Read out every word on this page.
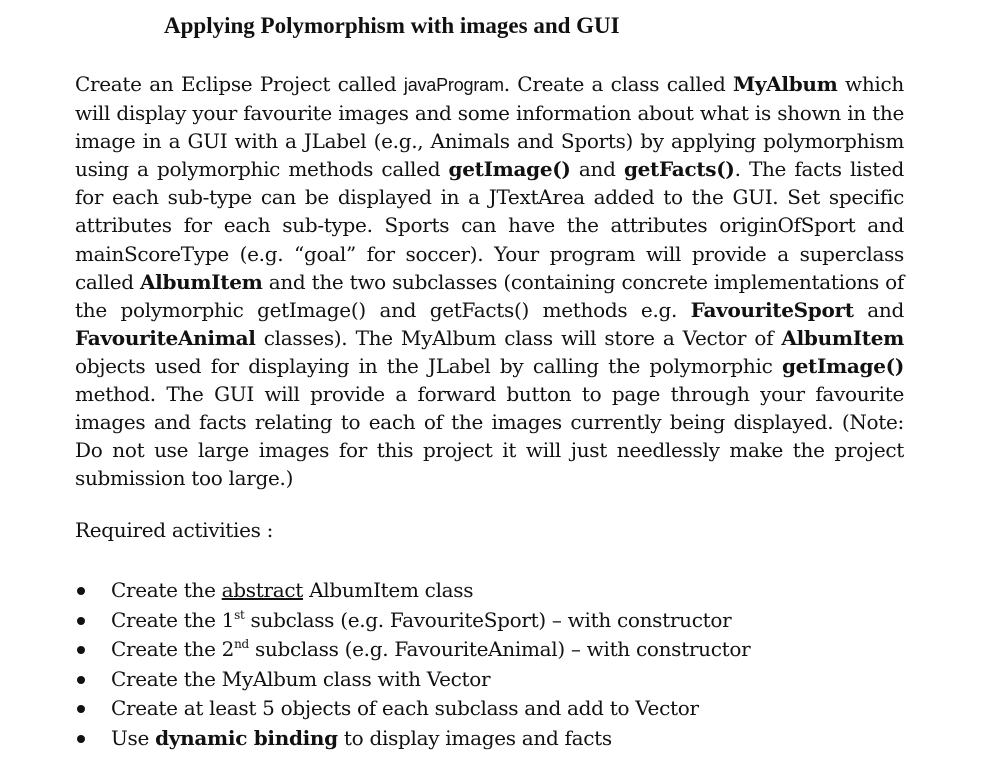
Applying Polymorphism with images and GUI

Create an Eclipse Project called javaProgram. Create a class called MyAlbum which will display your favourite images and some information about what is shown in the image in a GUI with a JLabel (e.g., Animals and Sports) by applying polymorphism using a polymorphic methods called getImage() and getFacts(). The facts listed for each sub-type can be displayed in a JTextArea added to the GUI. Set specific attributes for each sub-type. Sports can have the attributes originOfSport and mainScoreType (e.g. “goal” for soccer). Your program will provide a superclass called AlbumItem and the two subclasses (containing concrete implementations of the polymorphic getImage() and getFacts() methods e.g. FavouriteSport and FavouriteAnimal classes). The MyAlbum class will store a Vector of AlbumItem objects used for displaying in the JLabel by calling the polymorphic getImage() method. The GUI will provide a forward button to page through your favourite images and facts relating to each of the images currently being displayed. (Note: Do not use large images for this project it will just needlessly make the project submission too large.)

Required activities :

Create the abstract AlbumItem class
Create the 1st subclass (e.g. FavouriteSport) – with constructor
Create the 2nd subclass (e.g. FavouriteAnimal) – with constructor
Create the MyAlbum class with Vector
Create at least 5 objects of each subclass and add to Vector
Use dynamic binding to display images and facts
